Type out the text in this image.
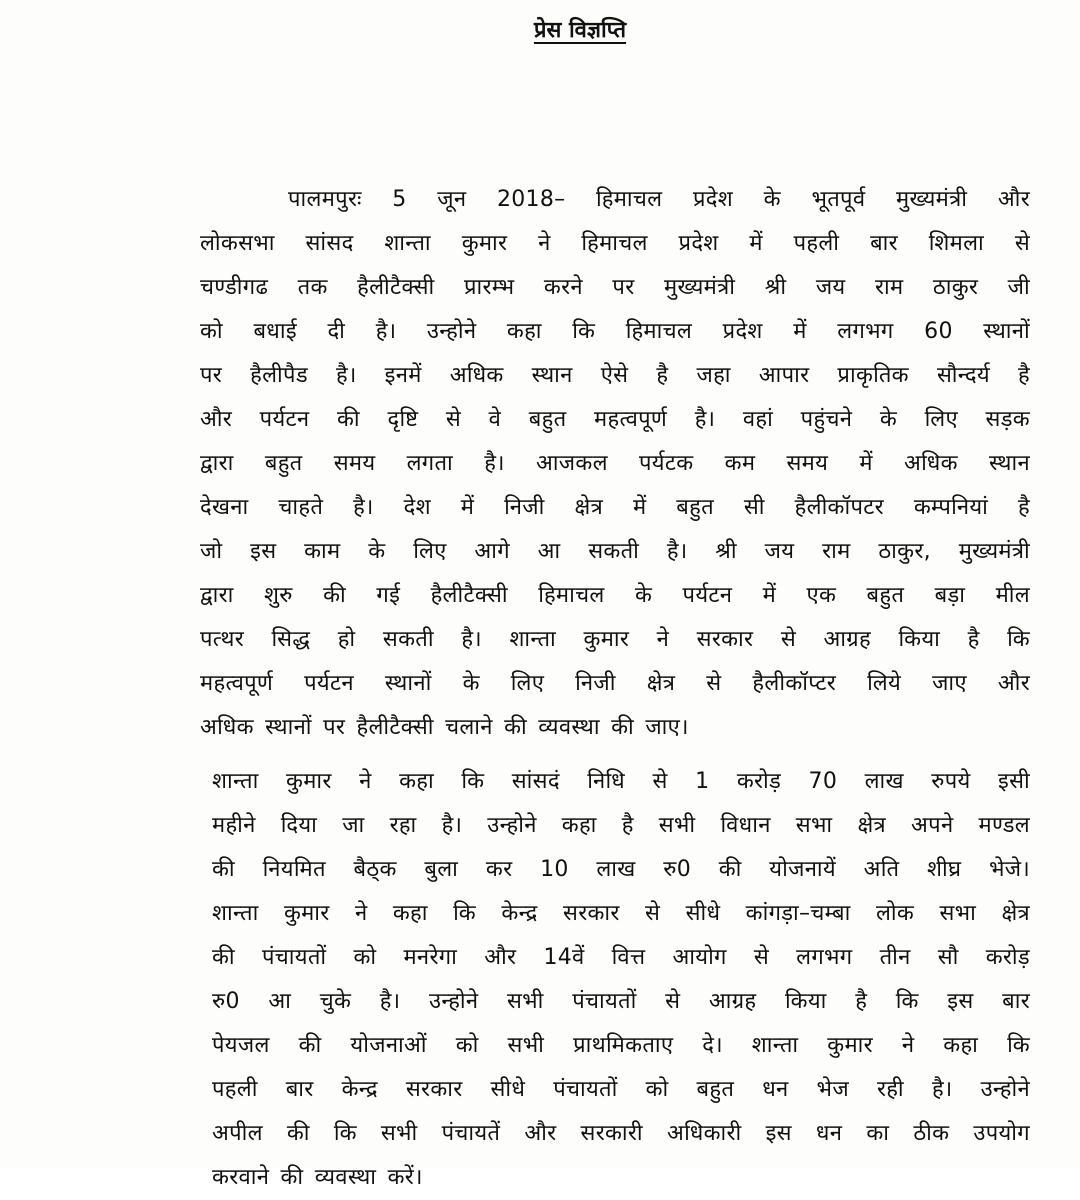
प्रेस विज्ञप्ति
पालमपुरः 5 जून 2018– हिमाचल प्रदेश के भूतपूर्व मुख्यमंत्री और
लोकसभा सांसद शान्ता कुमार ने हिमाचल प्रदेश में पहली बार शिमला से
चण्डीगढ तक हैलीटैक्सी प्रारम्भ करने पर मुख्यमंत्री श्री जय राम ठाकुर जी
को बधाई दी है। उन्होने कहा कि हिमाचल प्रदेश में लगभग 60 स्थानों
पर हैलीपैड है। इनमें अधिक स्थान ऐसे है जहा आपार प्राकृतिक सौन्दर्य है
और पर्यटन की दृष्टि से वे बहुत महत्वपूर्ण है। वहां पहुंचने के लिए सड़क
द्वारा बहुत समय लगता है। आजकल पर्यटक कम समय में अधिक स्थान
देखना चाहते है। देश में निजी क्षेत्र में बहुत सी हैलीकॉपटर कम्पनियां है
जो इस काम के लिए आगे आ सकती है। श्री जय राम ठाकुर, मुख्यमंत्री
द्वारा शुरु की गई हैलीटैक्सी हिमाचल के पर्यटन में एक बहुत बड़ा मील
पत्थर सिद्ध हो सकती है। शान्ता कुमार ने सरकार से आग्रह किया है कि
महत्वपूर्ण पर्यटन स्थानों के लिए निजी क्षेत्र से हैलीकॉप्टर लिये जाए और
अधिक स्थानों पर हैलीटैक्सी चलाने की व्यवस्था की जाए।
शान्ता कुमार ने कहा कि सांसदं निधि से 1 करोड़ 70 लाख रुपये इसी
महीने दिया जा रहा है। उन्होने कहा है सभी विधान सभा क्षेत्र अपने मण्डल
की नियमित बैठ्क बुला कर 10 लाख रु0 की योजनायें अति शीघ्र भेजे।
शान्ता कुमार ने कहा कि केन्द्र सरकार से सीधे कांगड़ा–चम्बा लोक सभा क्षेत्र
की पंचायतों को मनरेगा और 14वें वित्त आयोग से लगभग तीन सौ करोड़
रु0 आ चुके है। उन्होने सभी पंचायतों से आग्रह किया है कि इस बार
पेयजल की योजनाओं को सभी प्राथमिकताए दे। शान्ता कुमार ने कहा कि
पहली बार केन्द्र सरकार सीधे पंचायतों को बहुत धन भेज रही है। उन्होने
अपील की कि सभी पंचायतें और सरकारी अधिकारी इस धन का ठीक उपयोग
करवाने की व्यवस्था करें।
